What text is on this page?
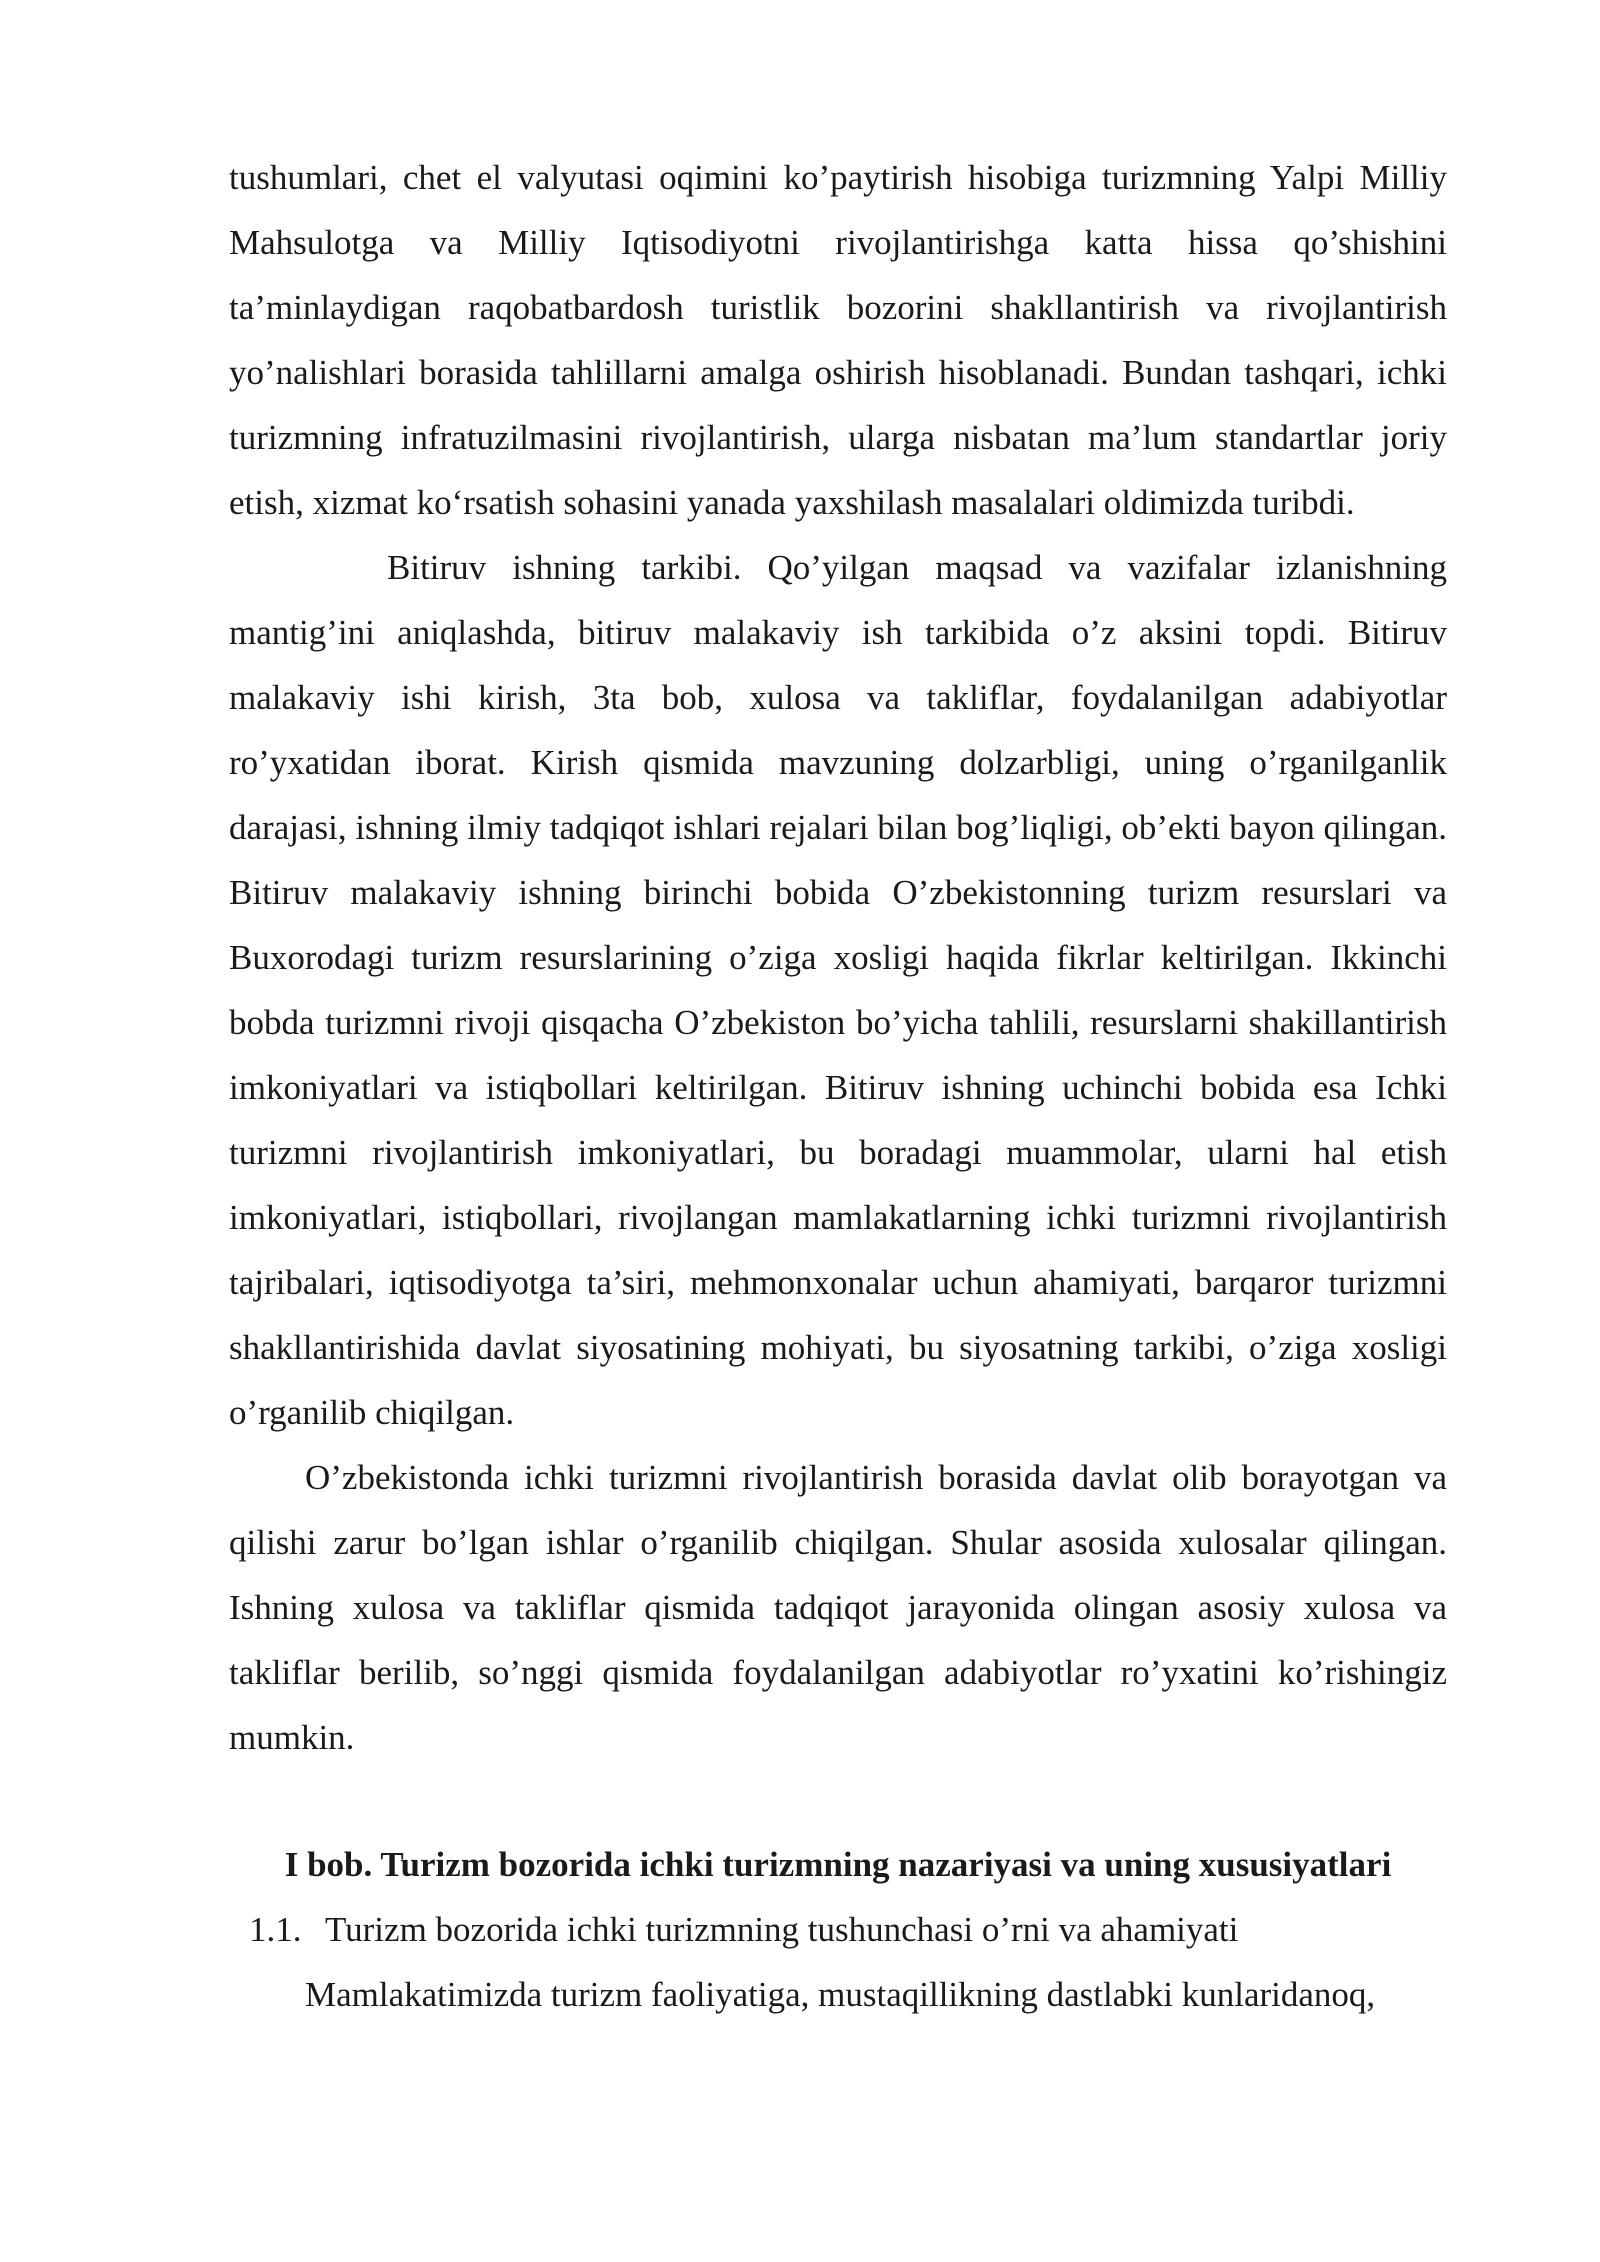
tushumlari, chet el valyutasi oqimini ko’paytirish hisobiga turizmning Yalpi Milliy Mahsulotga va Milliy Iqtisodiyotni rivojlantirishga katta hissa qo’shishini ta’minlaydigan raqobatbardosh turistlik bozorini shakllantirish va rivojlantirish yo’nalishlari borasida tahlillarni amalga oshirish hisoblanadi. Bundan tashqari, ichki turizmning infratuzilmasini rivojlantirish, ularga nisbatan ma’lum standartlar joriy etish, xizmat ko‘rsatish sohasini yanada yaxshilash masalalari oldimizda turibdi.

Bitiruv ishning tarkibi. Qo’yilgan maqsad va vazifalar izlanishning mantig’ini aniqlashda, bitiruv malakaviy ish tarkibida o’z aksini topdi. Bitiruv malakaviy ishi kirish, 3ta bob, xulosa va takliflar, foydalanilgan adabiyotlar ro’yxatidan iborat. Kirish qismida mavzuning dolzarbligi, uning o’rganilganlik darajasi, ishning ilmiy tadqiqot ishlari rejalari bilan bog’liqligi, ob’ekti bayon qilingan. Bitiruv malakaviy ishning birinchi bobida O’zbekistonning turizm resurslari va Buxorodagi turizm resurslarining o’ziga xosligi haqida fikrlar keltirilgan. Ikkinchi bobda turizmni rivoji qisqacha O’zbekiston bo’yicha tahlili, resurslarni shakillantirish imkoniyatlari va istiqbollari keltirilgan. Bitiruv ishning uchinchi bobida esa Ichki turizmni rivojlantirish imkoniyatlari, bu boradagi muammolar, ularni hal etish imkoniyatlari, istiqbollari, rivojlangan mamlakatlarning ichki turizmni rivojlantirish tajribalari, iqtisodiyotga ta’siri, mehmonxonalar uchun ahamiyati, barqaror turizmni shakllantirishida davlat siyosatining mohiyati, bu siyosatning tarkibi, o’ziga xosligi o’rganilib chiqilgan.

O’zbekistonda ichki turizmni rivojlantirish borasida davlat olib borayotgan va qilishi zarur bo’lgan ishlar o’rganilib chiqilgan. Shular asosida xulosalar qilingan. Ishning xulosa va takliflar qismida tadqiqot jarayonida olingan asosiy xulosa va takliflar berilib, so’nggi qismida foydalanilgan adabiyotlar ro’yxatini ko’rishingiz mumkin.

I bob. Turizm bozorida ichki turizmning nazariyasi va uning xususiyatlari
1.1. Turizm bozorida ichki turizmning tushunchasi o’rni va ahamiyati

Mamlakatimizda turizm faoliyatiga, mustaqillikning dastlabki kunlaridanoq,
